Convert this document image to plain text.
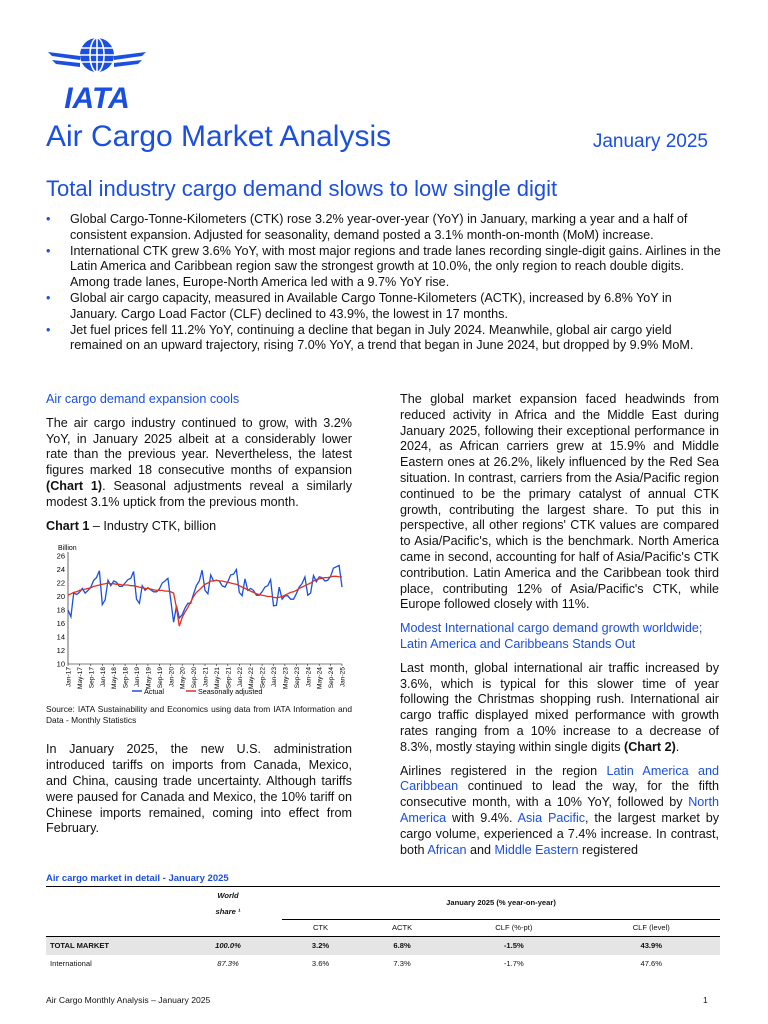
IATA
Air Cargo Market Analysis	January 2025
Total industry cargo demand slows to low single digit
• Global Cargo-Tonne-Kilometers (CTK) rose 3.2% year-over-year (YoY) in January, marking a year and a half of consistent expansion. Adjusted for seasonality, demand posted a 3.1% month-on-month (MoM) increase.
• International CTK grew 3.6% YoY, with most major regions and trade lanes recording single-digit gains. Airlines in the Latin America and Caribbean region saw the strongest growth at 10.0%, the only region to reach double digits. Among trade lanes, Europe-North America led with a 9.7% YoY rise.
• Global air cargo capacity, measured in Available Cargo Tonne-Kilometers (ACTK), increased by 6.8% YoY in January. Cargo Load Factor (CLF) declined to 43.9%, the lowest in 17 months.
• Jet fuel prices fell 11.2% YoY, continuing a decline that began in July 2024. Meanwhile, global air cargo yield remained on an upward trajectory, rising 7.0% YoY, a trend that began in June 2024, but dropped by 9.9% MoM.

Air cargo demand expansion cools

The air cargo industry continued to grow, with 3.2% YoY, in January 2025 albeit at a considerably lower rate than the previous year. Nevertheless, the latest figures marked 18 consecutive months of expansion (Chart 1). Seasonal adjustments reveal a similarly modest 3.1% uptick from the previous month.

Chart 1 – Industry CTK, billion

Billion
10
12
14
16
18
20
22
24
26
Jan-17 May-17 Sep-17 Jan-18 May-18 Sep-18 Jan-19 May-19 Sep-19 Jan-20 May-20 Sep-20 Jan-21 May-21 Sep-21 Jan-22 May-22 Sep-22 Jan-23 May-23 Sep-23 Jan-24 May-24 Sep-24 Jan-25
Actual	Seasonally adjusted

Source: IATA Sustainability and Economics using data from IATA Information and Data - Monthly Statistics

In January 2025, the new U.S. administration introduced tariffs on imports from Canada, Mexico, and China, causing trade uncertainty. Although tariffs were paused for Canada and Mexico, the 10% tariff on Chinese imports remained, coming into effect from February.

The global market expansion faced headwinds from reduced activity in Africa and the Middle East during January 2025, following their exceptional performance in 2024, as African carriers grew at 15.9% and Middle Eastern ones at 26.2%, likely influenced by the Red Sea situation. In contrast, carriers from the Asia/Pacific region continued to be the primary catalyst of annual CTK growth, contributing the largest share. To put this in perspective, all other regions' CTK values are compared to Asia/Pacific's, which is the benchmark. North America came in second, accounting for half of Asia/Pacific's CTK contribution. Latin America and the Caribbean took third place, contributing 12% of Asia/Pacific's CTK, while Europe followed closely with 11%.

Modest International cargo demand growth worldwide; Latin America and Caribbeans Stands Out

Last month, global international air traffic increased by 3.6%, which is typical for this slower time of year following the Christmas shopping rush. International air cargo traffic displayed mixed performance with growth rates ranging from a 10% increase to a decrease of 8.3%, mostly staying within single digits (Chart 2).

Airlines registered in the region Latin America and Caribbean continued to lead the way, for the fifth consecutive month, with a 10% YoY, followed by North America with 9.4%. Asia Pacific, the largest market by cargo volume, experienced a 7.4% increase. In contrast, both African and Middle Eastern registered

Air cargo market in detail - January 2025
	World	January 2025 (% year-on-year)			
	share ¹				
		CTK	ACTK	CLF (%-pt)	CLF (level)
TOTAL MARKET	100.0%	3.2%	6.8%	-1.5%	43.9%
International	87.3%	3.6%	7.3%	-1.7%	47.6%
Air Cargo Monthly Analysis – January 2025	1
